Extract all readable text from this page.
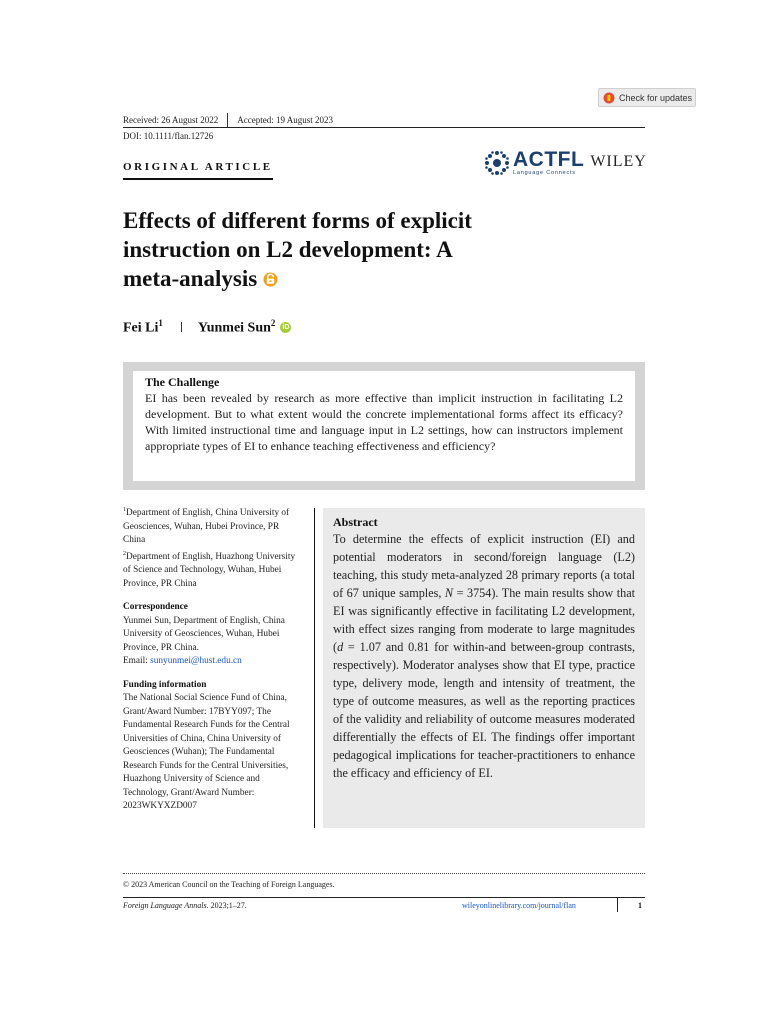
Check for updates
Received: 26 August 2022 Accepted: 19 August 2023
DOI: 10.1111/flan.12726
ORIGINAL ARTICLE	ACTFL
Language Connects
WILEY
Effects of different forms of explicit
instruction on L2 development: A
meta-analysis
Fei Li$^1$	Yunmei Sun$^2$ iD
The Challenge
EI has been revealed by research as more effective than implicit instruction in facilitating L2 development. But to what extent would the concrete implementational forms affect its efficacy? With limited instructional time and language input in L2 settings, how can instructors implement appropriate types of EI to enhance teaching effectiveness and efficiency?

$^1$Department of English, China University of Geosciences, Wuhan, Hubei Province, PR China

$^2$Department of English, Huazhong University of Science and Technology, Wuhan, Hubei Province, PR China

Correspondence

Yunmei Sun, Department of English, China University of Geosciences, Wuhan, Hubei Province, PR China.
Email: sunyunmei@hust.edu.cn

Funding information

The National Social Science Fund of China, Grant/Award Number: 17BYY097; The Fundamental Research Funds for the Central Universities of China, China University of Geosciences (Wuhan); The Fundamental Research Funds for the Central Universities, Huazhong University of Science and Technology, Grant/Award Number: 2023WKYXZD007

Abstract

To determine the effects of explicit instruction (EI) and potential moderators in second/foreign language (L2) teaching, this study meta-analyzed 28 primary reports (a total of 67 unique samples, N = 3754). The main results show that EI was significantly effective in facilitating L2 development, with effect sizes ranging from moderate to large magnitudes (d = 1.07 and 0.81 for within-and between-group contrasts, respectively). Moderator analyses show that EI type, practice type, delivery mode, length and intensity of treatment, the type of outcome measures, as well as the reporting practices of the validity and reliability of outcome measures moderated differentially the effects of EI. The findings offer important pedagogical implications for teacher-practitioners to enhance the efficacy and efficiency of EI.

© 2023 American Council on the Teaching of Foreign Languages.
Foreign Language Annals. 2023;1–27.	wileyonlinelibrary.com/journal/flan	1
